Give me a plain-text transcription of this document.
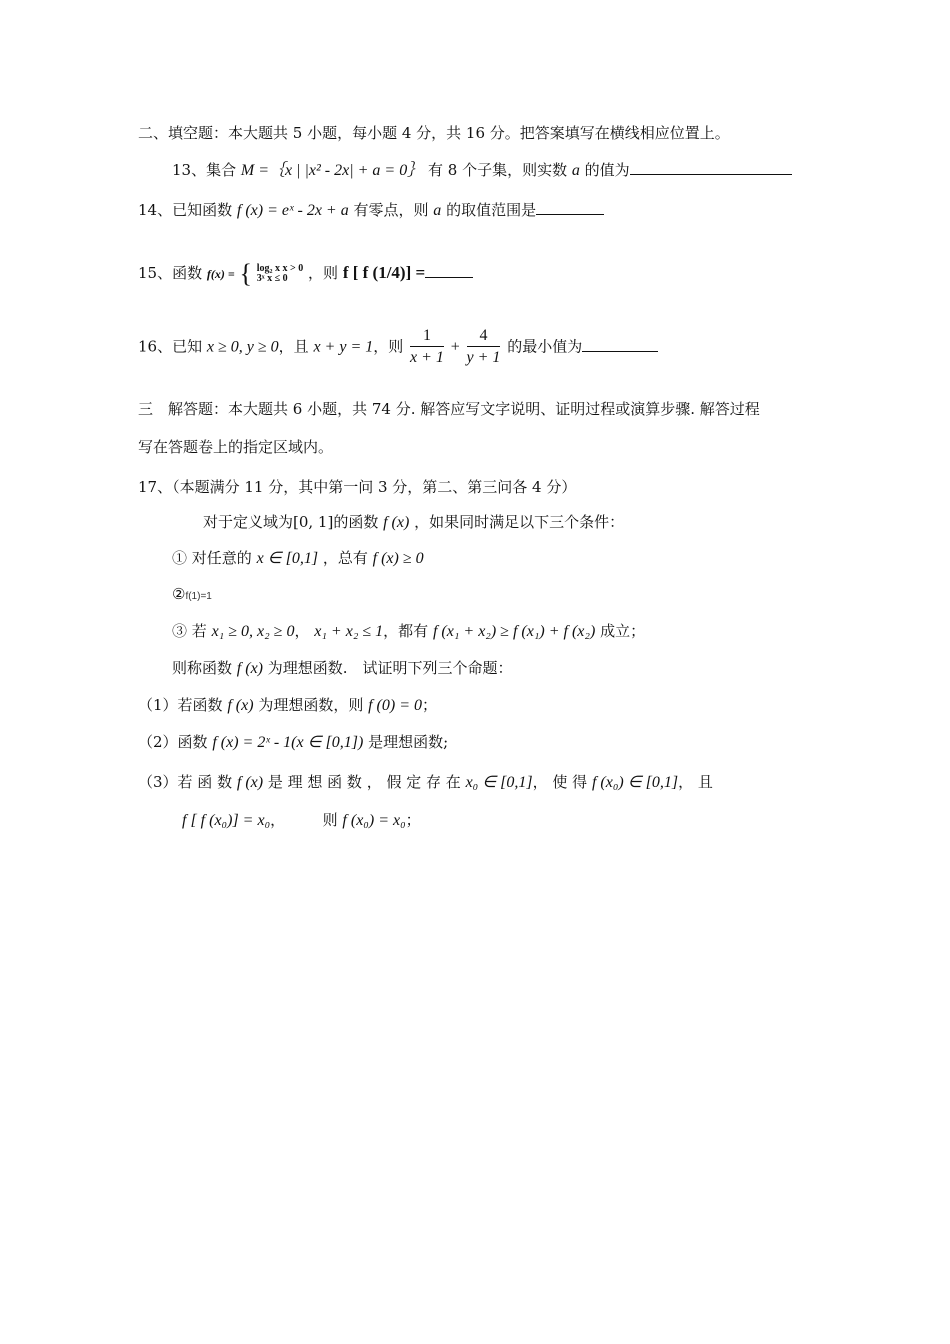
二、填空题：本大题共 5 小题，每小题 4 分，共 16 分。把答案填写在横线相应位置上。
13、集合 M =｛x | |x² - 2x| + a = 0｝ 有 8 个子集，则实数 a 的值为
14、已知函数 f (x) = eˣ - 2x + a 有零点，则 a 的取值范围是
15、函数 f(x) = { log₂ x x > 0
3ˣ x ≤ 0	，则 f [ f (1/4)] =
16、已知 x ≥ 0, y ≥ 0，且 x + y = 1，则 $\frac{1}{x + 1} + \frac{4}{y + 1}$ 的最小值为
三　解答题：本大题共 6 小题，共 74 分. 解答应写文字说明、证明过程或演算步骤. 解答过程
写在答题卷上的指定区域内。
17、（本题满分 11 分，其中第一问 3 分，第二、第三问各 4 分）
对于定义域为[0, 1]的函数 f (x) ，如果同时满足以下三个条件：
① 对任意的 x ∈ [0,1] ，总有 f (x) ≥ 0
②f(1)=1
③ 若 x₁ ≥ 0, x₂ ≥ 0， x₁ + x₂ ≤ 1，都有 f (x₁ + x₂) ≥ f (x₁) + f (x₂) 成立；
则称函数 f (x) 为理想函数.　试证明下列三个命题：
（1）若函数 f (x) 为理想函数，则 f (0) = 0；
（2）函数 f (x) = 2ˣ - 1(x ∈ [0,1]) 是理想函数;
（3）若 函 数 f (x) 是 理 想 函 数 ， 假 定 存 在 x₀ ∈ [0,1]， 使 得 f (x₀) ∈ [0,1]， 且
f [ f (x₀)] = x₀，　　　则 f (x₀) = x₀；
